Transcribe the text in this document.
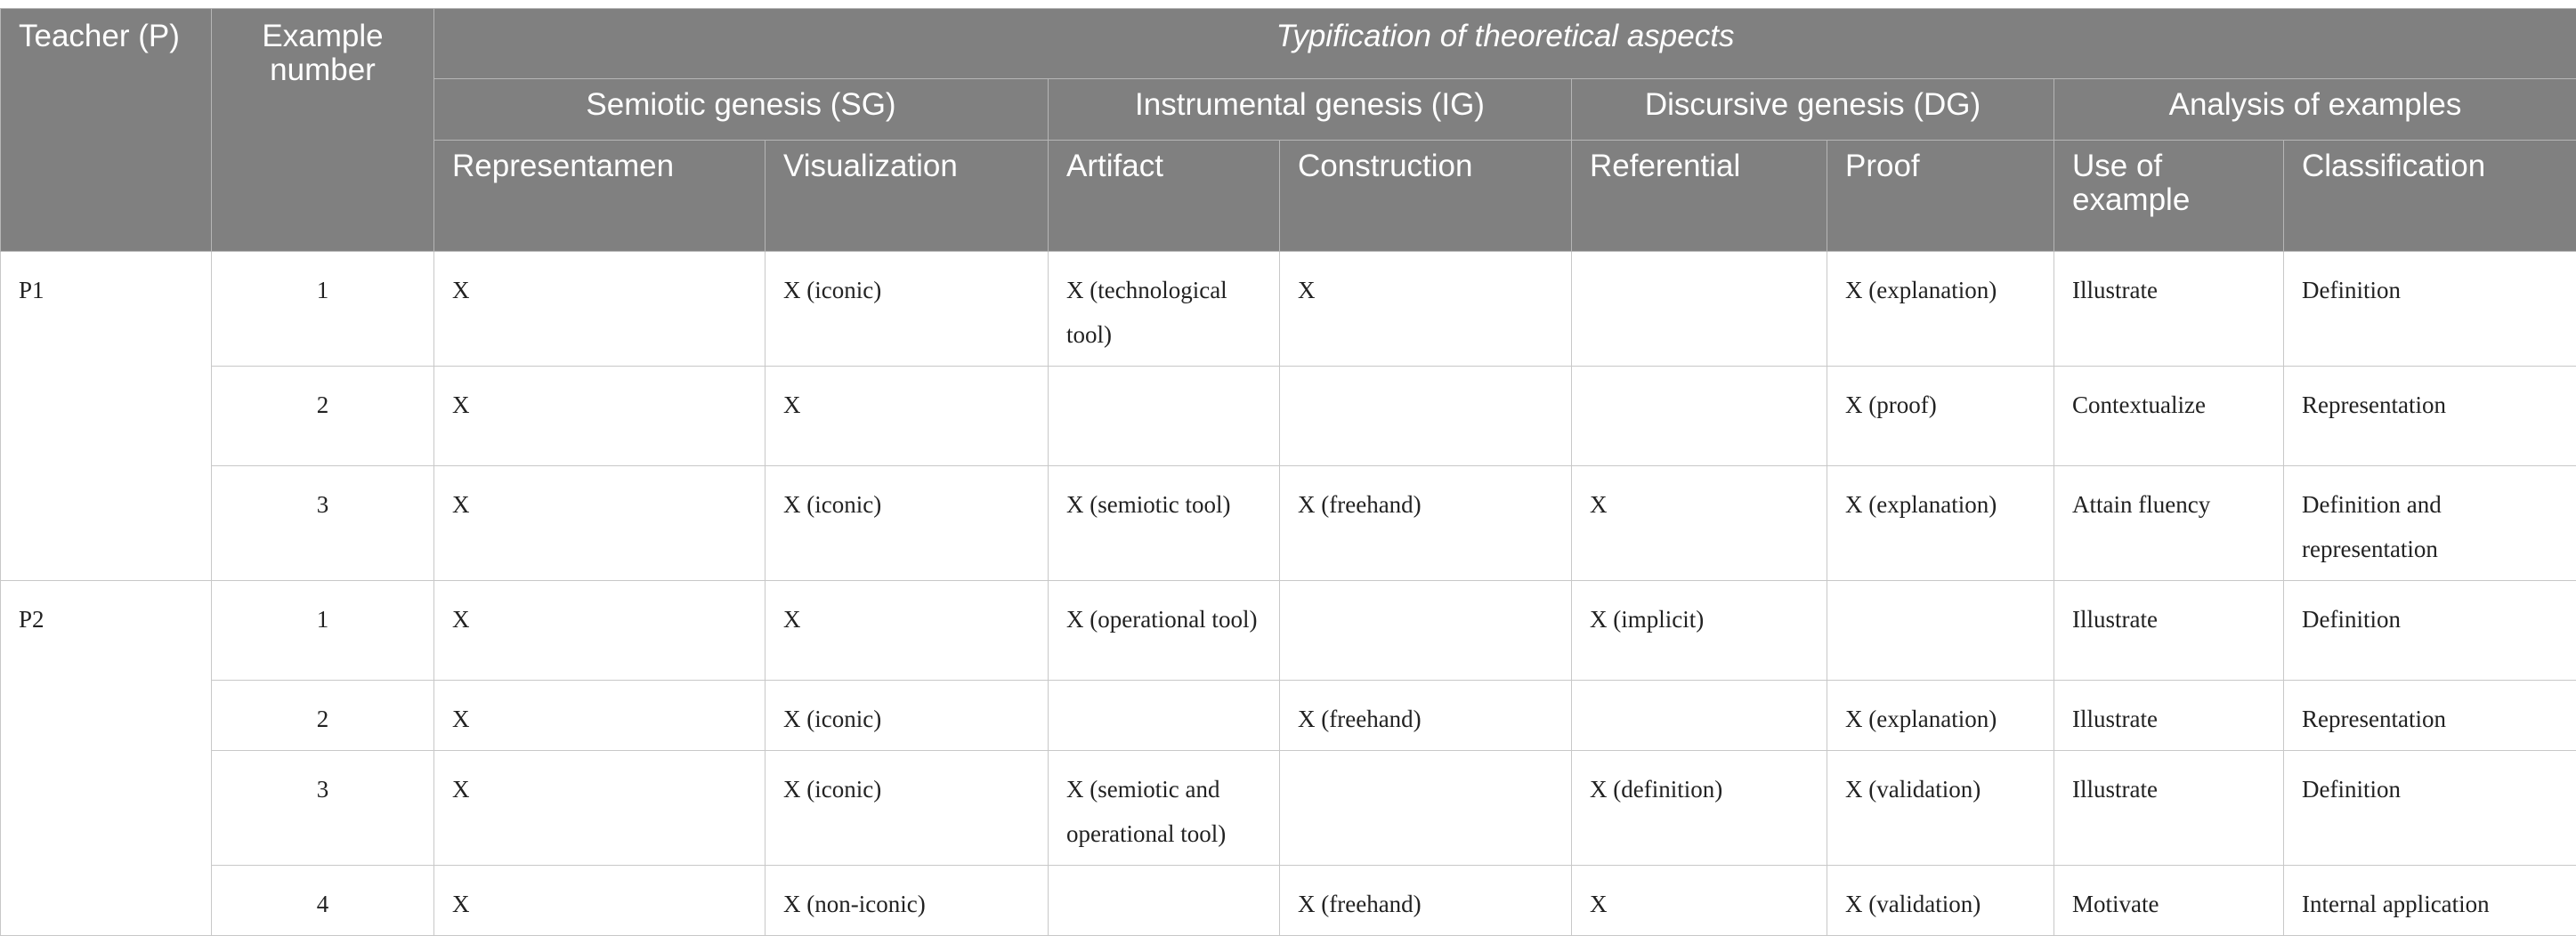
Teacher (P)	Example number	Typification of theoretical aspects							
		Semiotic genesis (SG)		Instrumental genesis (IG)		Discursive genesis (DG)		Analysis of examples	
		Representamen	Visualization	Artifact	Construction	Referential	Proof	Use of example	Classification
P1	1	X	X (iconic)	X (technological tool)	X		X (explanation)	Illustrate	Definition
	2	X	X				X (proof)	Contextualize	Representation
	3	X	X (iconic)	X (semiotic tool)	X (freehand)	X	X (explanation)	Attain fluency	Definition and representation
P2	1	X	X	X (operational tool)		X (implicit)		Illustrate	Definition
	2	X	X (iconic)		X (freehand)		X (explanation)	Illustrate	Representation
	3	X	X (iconic)	X (semiotic and operational tool)		X (definition)	X (validation)	Illustrate	Definition
	4	X	X (non-iconic)		X (freehand)	X	X (validation)	Motivate	Internal application
